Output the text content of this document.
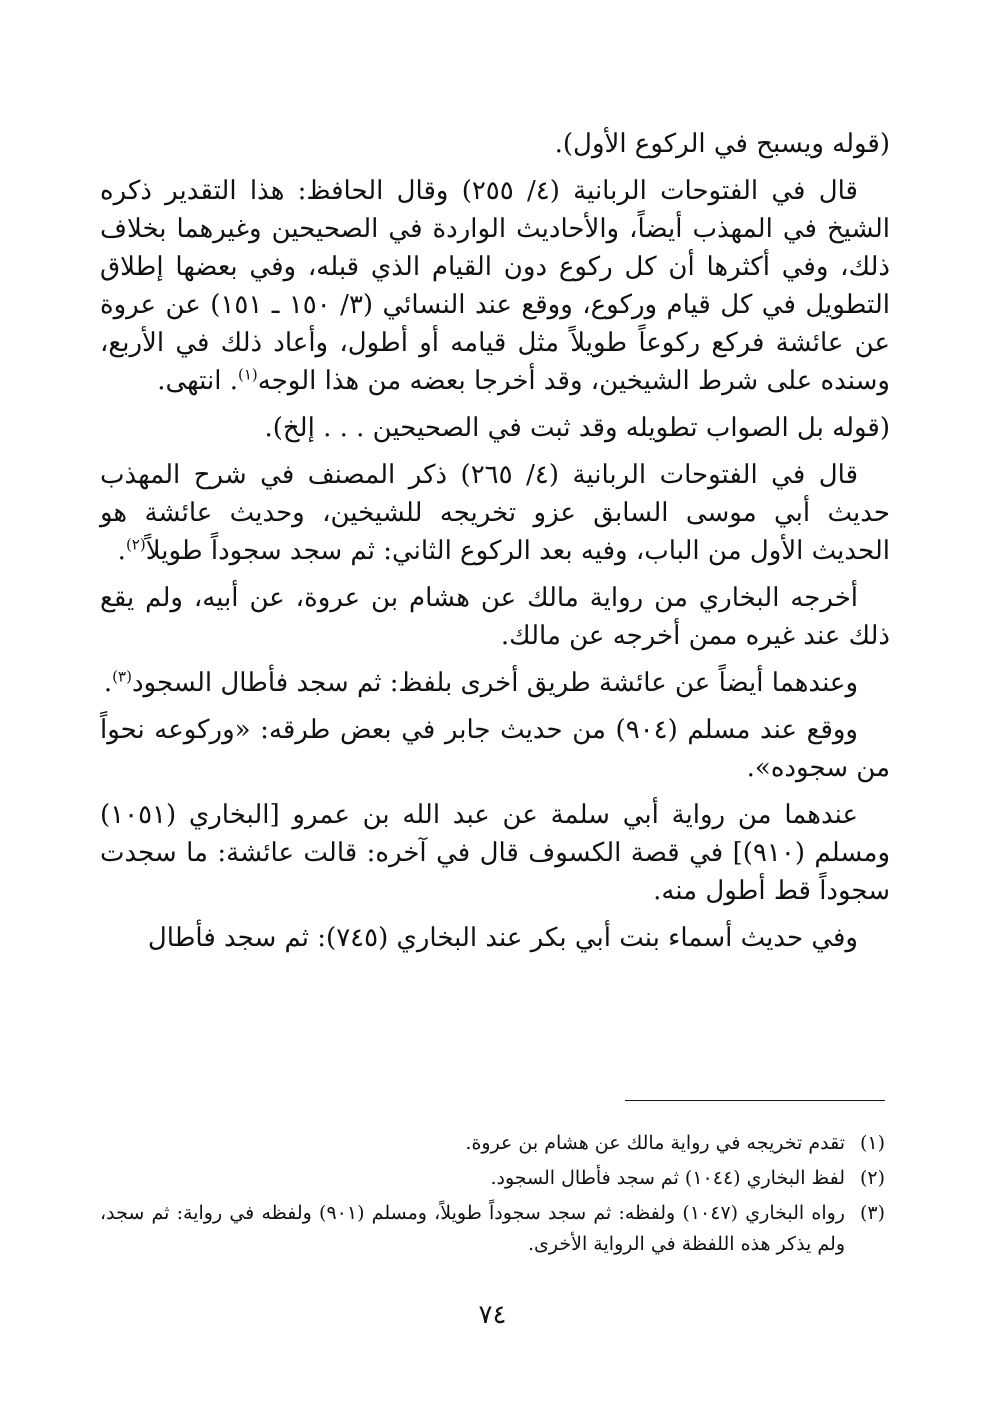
(قوله ويسبح في الركوع الأول).

قال في الفتوحات الربانية (٤/ ٢٥٥) وقال الحافظ: هذا التقدير ذكره الشيخ في المهذب أيضاً، والأحاديث الواردة في الصحيحين وغيرهما بخلاف ذلك، وفي أكثرها أن كل ركوع دون القيام الذي قبله، وفي بعضها إطلاق التطويل في كل قيام وركوع، ووقع عند النسائي (٣/ ١٥٠ ـ ١٥١) عن عروة عن عائشة فركع ركوعاً طويلاً مثل قيامه أو أطول، وأعاد ذلك في الأربع، وسنده على شرط الشيخين، وقد أخرجا بعضه من هذا الوجه$^{(١)}$. انتهى.

(قوله بل الصواب تطويله وقد ثبت في الصحيحين . . . إلخ).

قال في الفتوحات الربانية (٤/ ٢٦٥) ذكر المصنف في شرح المهذب حديث أبي موسى السابق عزو تخريجه للشيخين، وحديث عائشة هو الحديث الأول من الباب، وفيه بعد الركوع الثاني: ثم سجد سجوداً طويلاً$^{(٢)}$.

أخرجه البخاري من رواية مالك عن هشام بن عروة، عن أبيه، ولم يقع ذلك عند غيره ممن أخرجه عن مالك.

وعندهما أيضاً عن عائشة طريق أخرى بلفظ: ثم سجد فأطال السجود$^{(٣)}$.

ووقع عند مسلم (٩٠٤) من حديث جابر في بعض طرقه: «وركوعه نحواً من سجوده».

عندهما من رواية أبي سلمة عن عبد الله بن عمرو [البخاري (١٠٥١) ومسلم (٩١٠)] في قصة الكسوف قال في آخره: قالت عائشة: ما سجدت سجوداً قط أطول منه.

وفي حديث أسماء بنت أبي بكر عند البخاري (٧٤٥): ثم سجد فأطال

(١)
تقدم تخريجه في رواية مالك عن هشام بن عروة.
(٢)
لفظ البخاري (١٠٤٤) ثم سجد فأطال السجود.
(٣)
رواه البخاري (١٠٤٧) ولفظه: ثم سجد سجوداً طويلاً، ومسلم (٩٠١) ولفظه في رواية: ثم سجد، ولم يذكر هذه اللفظة في الرواية الأخرى.
٧٤
